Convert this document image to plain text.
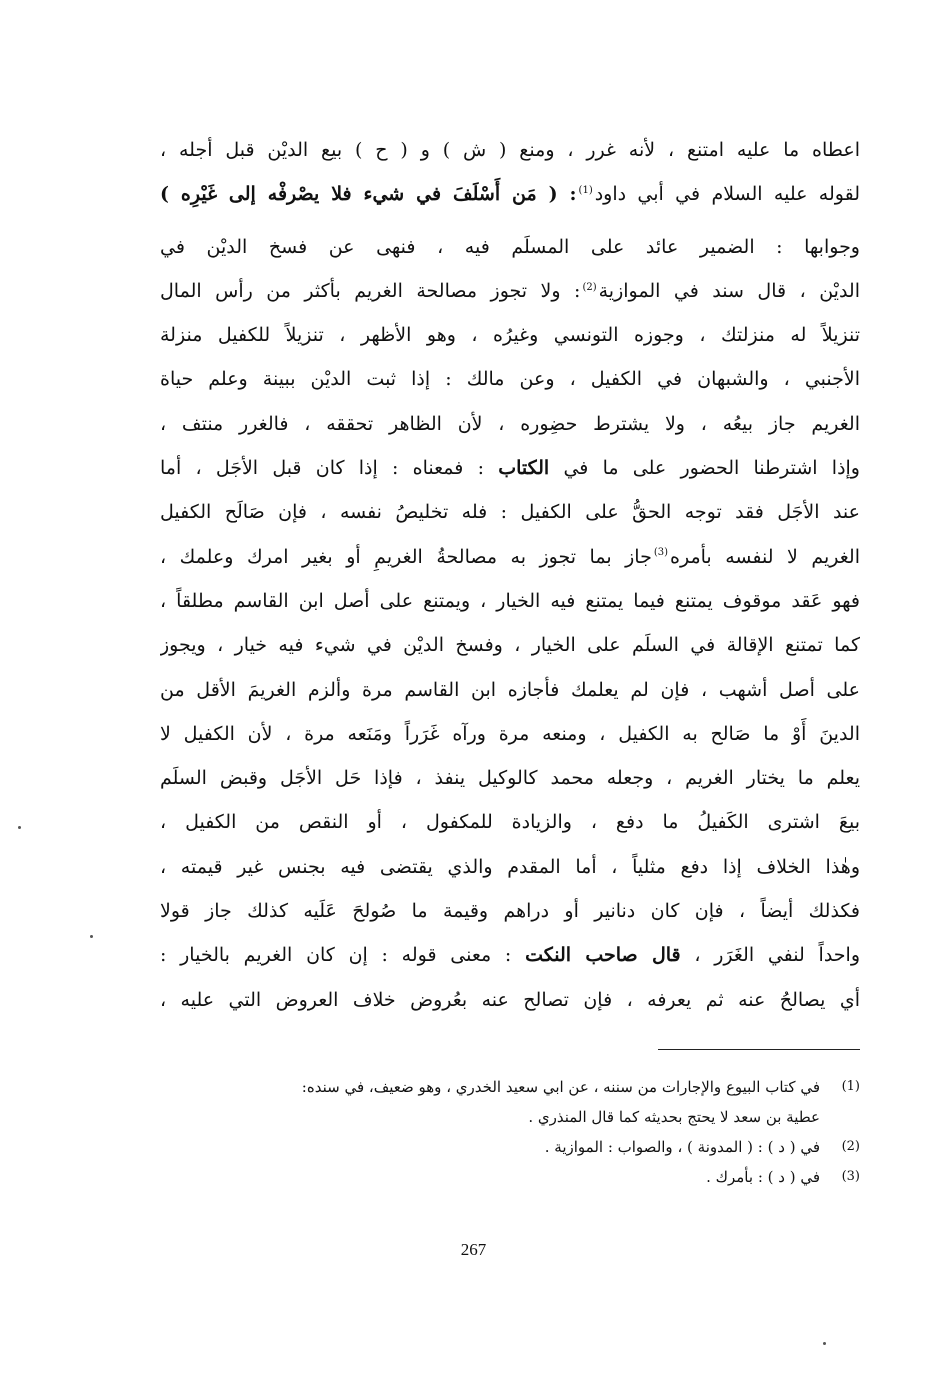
اعطاه ما عليه امتنع ، لأنه غرر ، ومنع ( ش ) و ( ح ) بيع الديْن قبل أجله ،
لقوله عليه السلام في أبي داود$^{(1)}$: ( مَن أَسْلَفَ في شيء فلا يصْرفْه إلى غَيْرِه )
وجوابها : الضمير عائد على المسلَم فيه ، فنهى عن فسخ الديْن في
الديْن ، قال سند في الموازية$^{(2)}$: ولا تجوز مصالحة الغريم بأكثر من رأس المال
تنزيلاً له منزلتك ، وجوزه التونسي وغيرُه ، وهو الأظهر ، تنزيلاً للكفيل منزلة
الأجنبي ، والشبهان في الكفيل ، وعن مالك : إذا ثبت الديْن ببينة وعلم حياة
الغريم جاز بيعُه ، ولا يشترط حضِوره ، لأن الظاهر تحققه ، فالغرر منتف ،
وإذا اشترطنا الحضور على ما في الكتاب : فمعناه : إذا كان قبل الأجَل ، أما
عند الأجَل فقد توجه الحقُّ على الكفيل : فله تخليصُ نفسه ، فإن صَالَح الكفيل
الغريم لا لنفسه بأمره$^{(3)}$جاز بما تجوز به مصالحةُ الغريمِ أو بغير امرك وعلمك ،
فهو عَقد موقوف يمتنع فيما يمتنع فيه الخيار ، ويمتنع على أصل ابن القاسم مطلقاً ،
كما تمتنع الإقالة في السلَم على الخيار ، وفسخ الديْن في شيء فيه خيار ، ويجوز
على أصل أشهب ، فإن لم يعلمك فأجازه ابن القاسم مرة وألزم الغريمَ الأقل من
الدينَ أَوْ ما صَالح به الكفيل ، ومنعه مرة ورآه غَرَراً ومَنَعه مرة ، لأن الكفيل لا
يعلم ما يختار الغريم ، وجعله محمد كالوكيل ينفذ ، فإذا حَل الأجَل وقبض السلَم
بيعَ اشترى الكَفيلُ ما دفع ، والزيادة للمكفول ، أو النقص من الكفيل ،
وهٰذا الخلاف إذا دفع مثلياً ، أما المقدم والذي يقتضى فيه بجنس غير قيمته ،
فكذلك أيضاً ، فإن كان دنانير أو دراهم وقيمة ما صُولحَ عَلَيه كذلك جاز قولا
واحداً لنفي الغَرَر ، قال صاحب النكت : معنى قوله : إن كان الغريم بالخيار :
أي يصالحُ عنه ثم يعرفه ، فإن تصالح عنه بعُروض خلاف العروض التي عليه ،
(1)
في كتاب البيوع والإجارات من سننه ، عن ابي سعيد الخدري ، وهو ضعيف، في سنده:
عطية بن سعد لا يحتج بحديثه كما قال المنذري .
(2)
في ( د ) : ( المدونة ) ، والصواب : الموازية .
(3)
في ( د ) : بأمرك .
267
